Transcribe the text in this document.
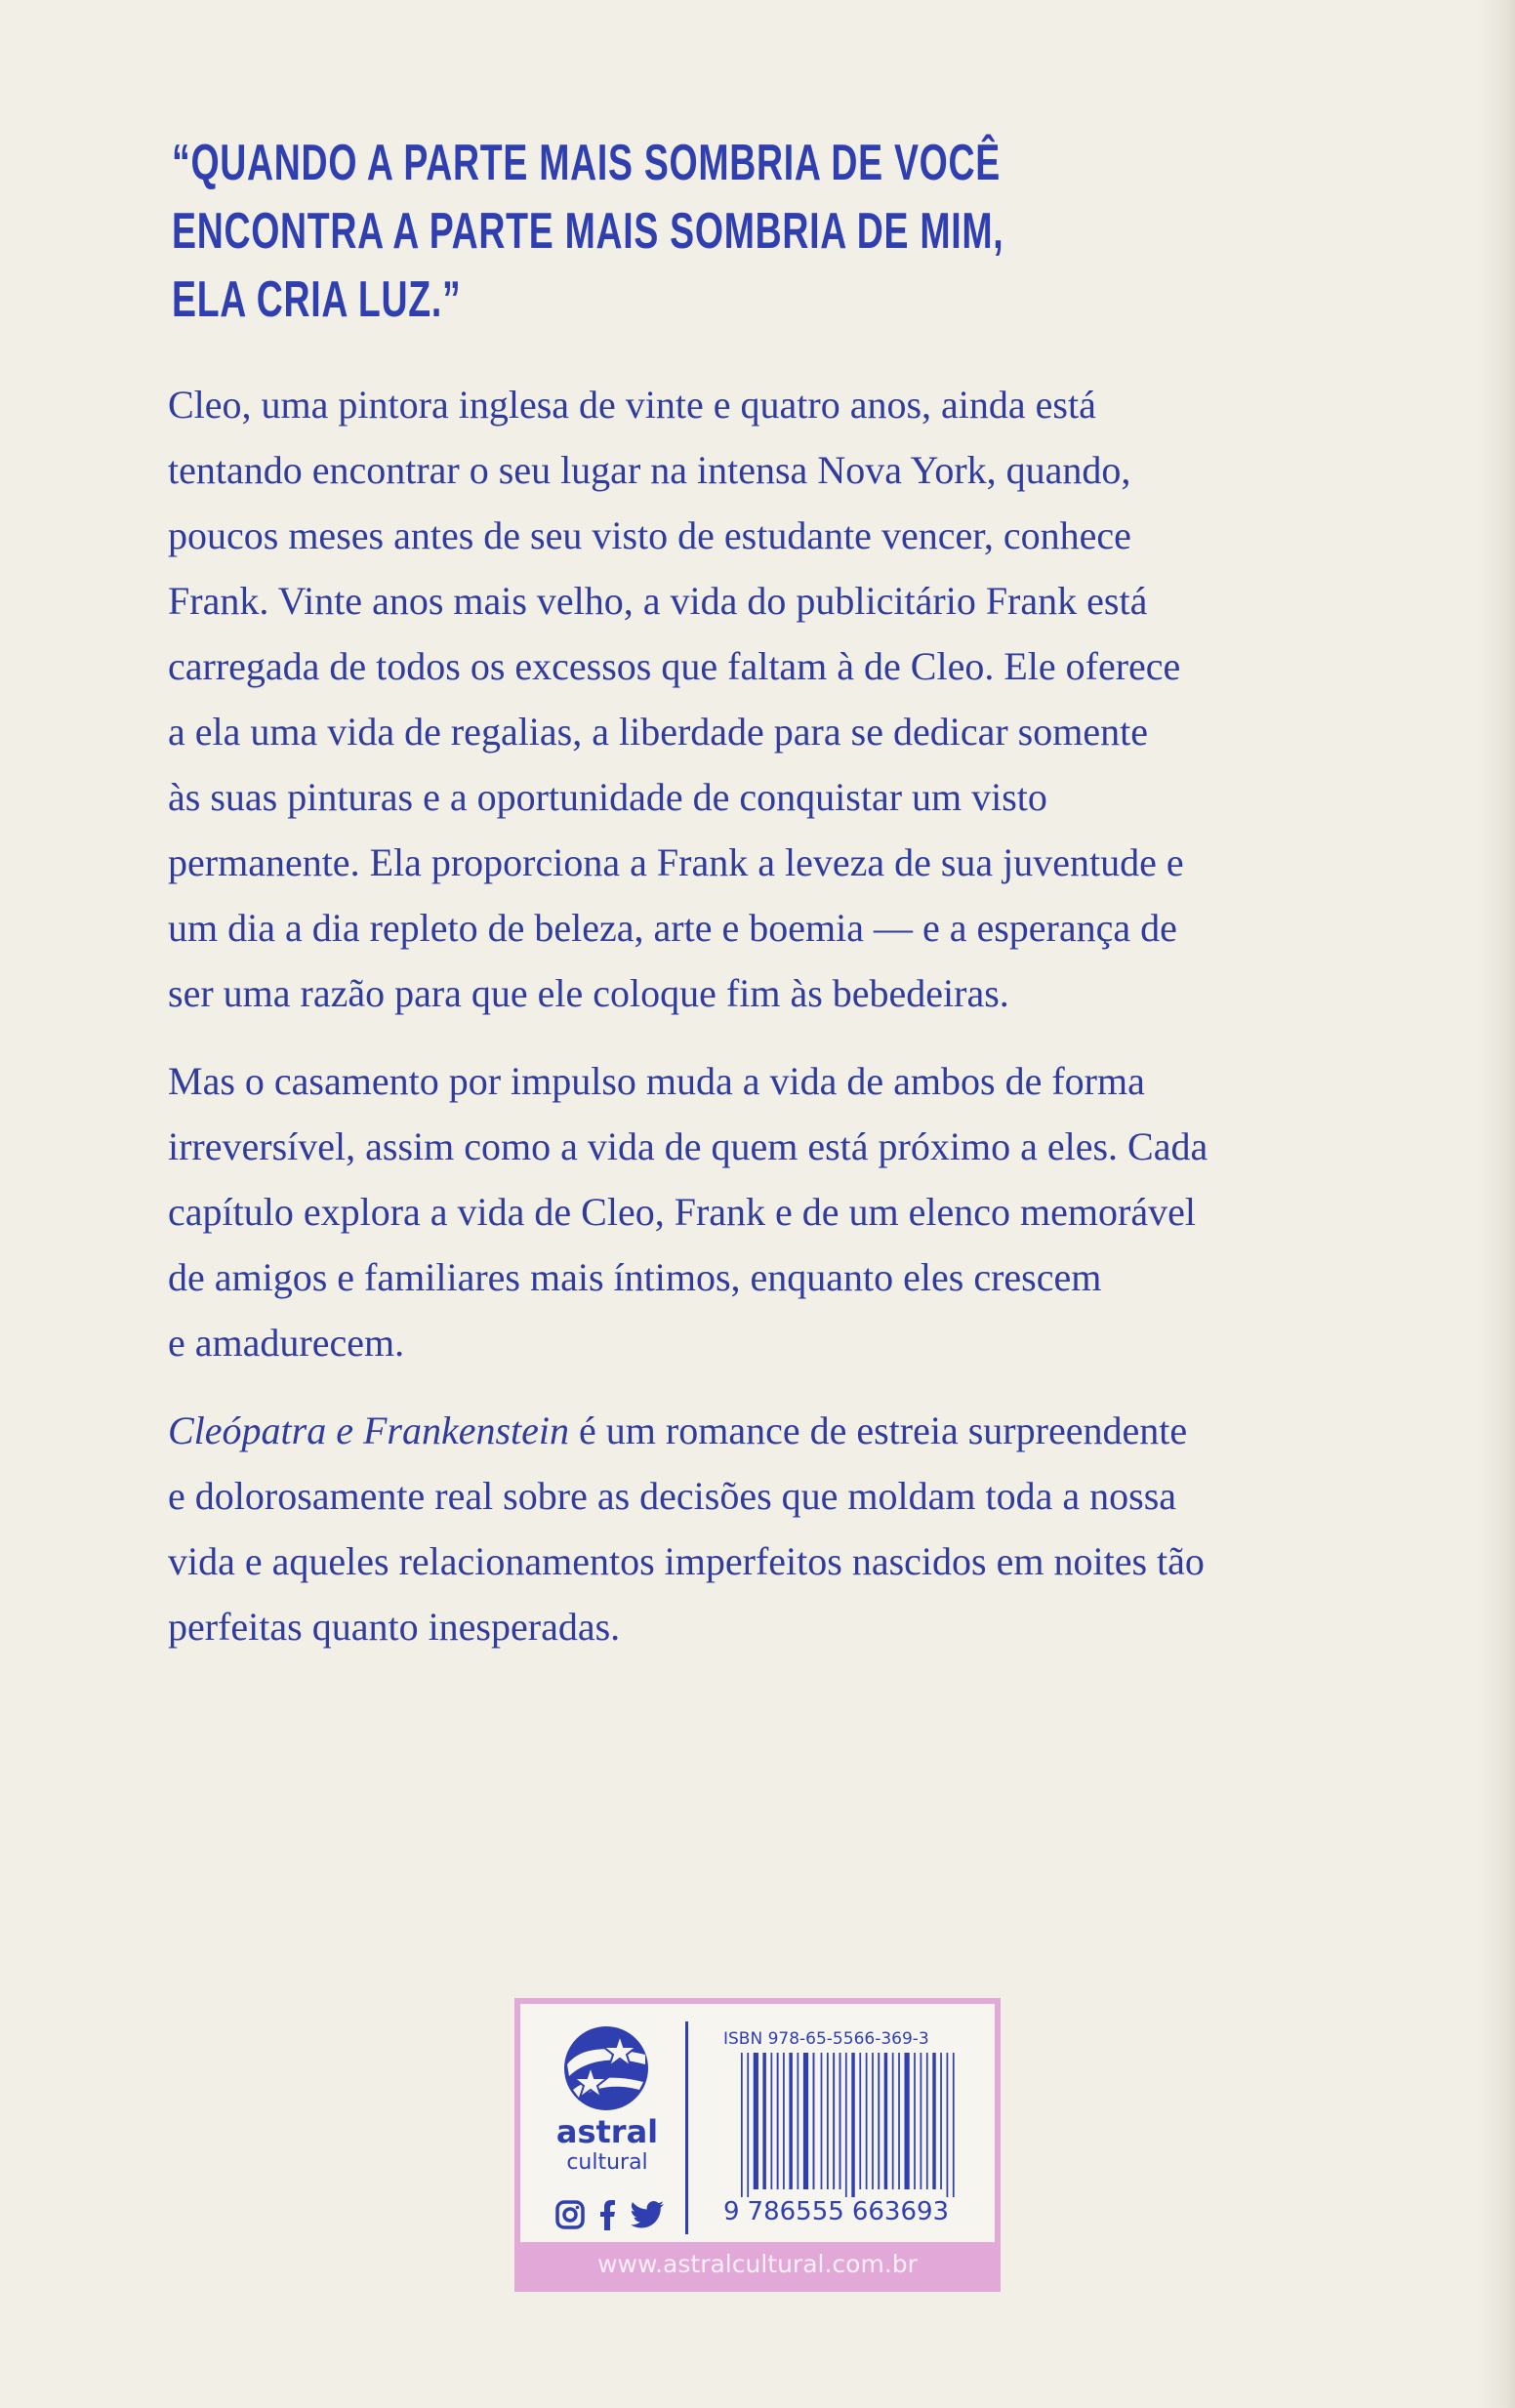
“QUANDO A PARTE MAIS SOMBRIA DE VOCÊ
ENCONTRA A PARTE MAIS SOMBRIA DE MIM,
ELA CRIA LUZ.”
Cleo, uma pintora inglesa de vinte e quatro anos, ainda está
tentando encontrar o seu lugar na intensa Nova York, quando,
poucos meses antes de seu visto de estudante vencer, conhece
Frank. Vinte anos mais velho, a vida do publicitário Frank está
carregada de todos os excessos que faltam à de Cleo. Ele oferece
a ela uma vida de regalias, a liberdade para se dedicar somente
às suas pinturas e a oportunidade de conquistar um visto
permanente. Ela proporciona a Frank a leveza de sua juventude e
um dia a dia repleto de beleza, arte e boemia — e a esperança de
ser uma razão para que ele coloque fim às bebedeiras.
Mas o casamento por impulso muda a vida de ambos de forma
irreversível, assim como a vida de quem está próximo a eles. Cada
capítulo explora a vida de Cleo, Frank e de um elenco memorável
de amigos e familiares mais íntimos, enquanto eles crescem
e amadurecem.
Cleópatra e Frankenstein é um romance de estreia surpreendente
e dolorosamente real sobre as decisões que moldam toda a nossa
vida e aqueles relacionamentos imperfeitos nascidos em noites tão
perfeitas quanto inesperadas.
astral
cultural
ISBN 978-65-5566-369-3
9 786555 663693
www.astralcultural.com.br
